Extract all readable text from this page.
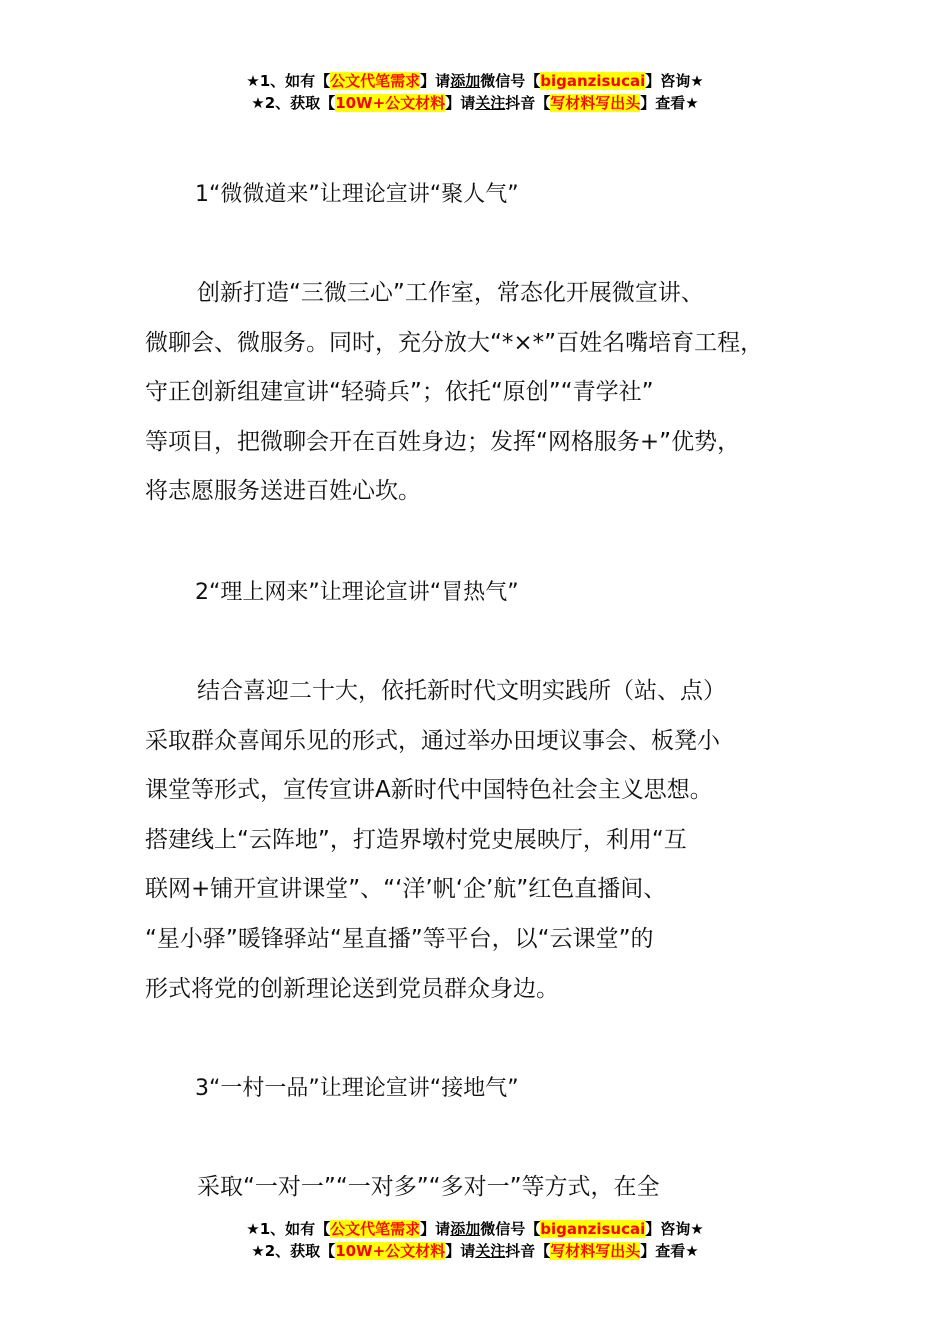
★1、如有【公文代笔需求】请添加微信号【biganzisucai】咨询★
★2、获取【10W+公文材料】请关注抖音【写材料写出头】查看★
1“微微道来”让理论宣讲“聚人气”
创新打造“三微三心”工作室，常态化开展微宣讲、
微聊会、微服务。同时，充分放大“*×*”百姓名嘴培育工程，
守正创新组建宣讲“轻骑兵”；依托“原创”“青学社”
等项目，把微聊会开在百姓身边；发挥“网格服务+”优势，
将志愿服务送进百姓心坎。
2“理上网来”让理论宣讲“冒热气”
结合喜迎二十大，依托新时代文明实践所（站、点）
采取群众喜闻乐见的形式，通过举办田埂议事会、板凳小
课堂等形式，宣传宣讲A新时代中国特色社会主义思想。
搭建线上“云阵地”，打造界墩村党史展映厅，利用“互
联网+铺开宣讲课堂”、“‘洋’帆‘企’航”红色直播间、
“星小驿”暖锋驿站“星直播”等平台，以“云课堂”的
形式将党的创新理论送到党员群众身边。
3“一村一品”让理论宣讲“接地气”
采取“一对一”“一对多”“多对一”等方式，在全
★1、如有【公文代笔需求】请添加微信号【biganzisucai】咨询★
★2、获取【10W+公文材料】请关注抖音【写材料写出头】查看★
